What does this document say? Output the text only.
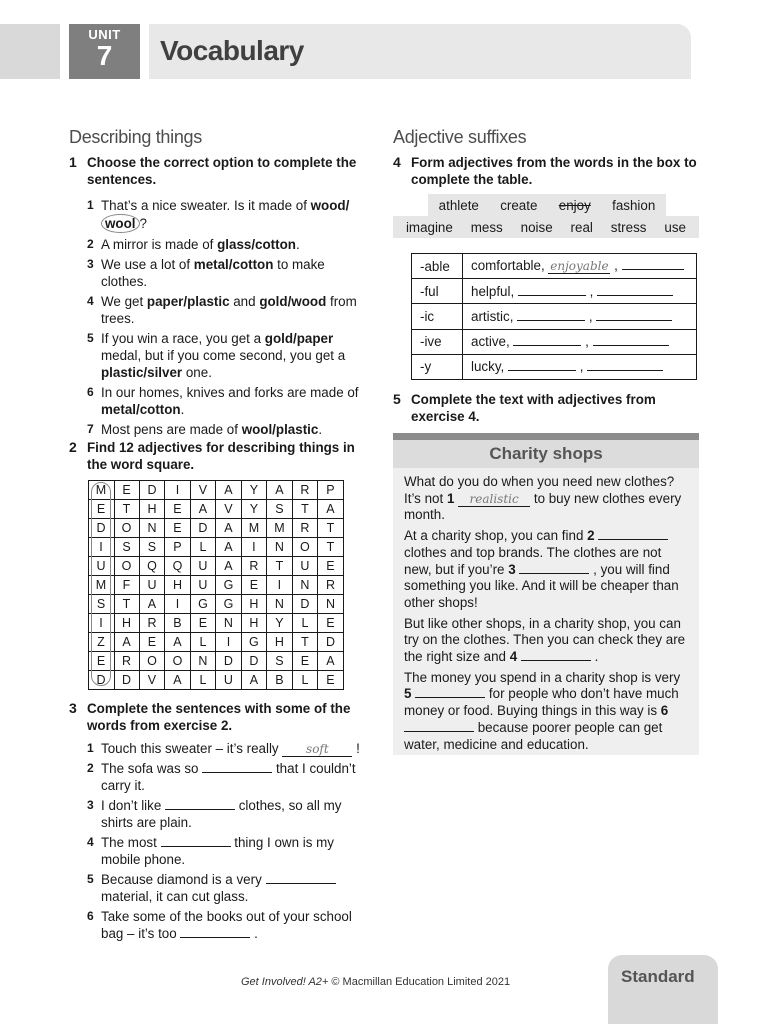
UNIT
7	Vocabulary
Describing things
1 Choose the correct option to complete the sentences.
1 That’s a nice sweater. Is it made of wood/wool ?
2 A mirror is made of glass/cotton.
3 We use a lot of metal/cotton to make clothes.
4 We get paper/plastic and gold/wood from trees.
5 If you win a race, you get a gold/paper medal, but if you come second, you get a plastic/silver one.
6 In our homes, knives and forks are made of metal/cotton.
7 Most pens are made of wool/plastic.
2 Find 12 adjectives for describing things in the word square.
M	E	D	I	V	A	Y	A	R	P
E	T	H	E	A	V	Y	S	T	A
D	O	N	E	D	A	M	M	R	T
I	S	S	P	L	A	I	N	O	T
U	O	Q	Q	U	A	R	T	U	E
M	F	U	H	U	G	E	I	N	R
S	T	A	I	G	G	H	N	D	N
I	H	R	B	E	N	H	Y	L	E
Z	A	E	A	L	I	G	H	T	D
E	R	O	O	N	D	D	S	E	A
D	D	V	A	L	U	A	B	L	E
3 Complete the sentences with some of the words from exercise 2.
1 Touch this sweater – it’s really soft !
2 The sofa was so	that I couldn’t carry it.
3 I don’t like	clothes, so all my shirts are plain.
4 The most	thing I own is my mobile phone.
5 Because diamond is a very  material, it can cut glass.
6 Take some of the books out of your school bag – it’s too	.
Adjective suffixes
4 Form adjectives from the words in the box to complete the table.
athlete create enjoy fashion
imagine mess noise real stress use
-able	comfortable, enjoyable ,
-ful	helpful, ,
-ic	artistic, ,
-ive	active, ,
-y	lucky, ,
5 Complete the text with adjectives from exercise 4.
Charity shops

What do you do when you need new clothes? It’s not 1 realistic to buy new clothes every month.

At a charity shop, you can find 2  clothes and top brands. The clothes are not new, but if you’re 3	, you will find something you like. And it will be cheaper than other shops!

But like other shops, in a charity shop, you can try on the clothes. Then you can check they are the right size and 4	.

The money you spend in a charity shop is very 5	for people who don’t have much money or food. Buying things in this way is 6  because poorer people can get water, medicine and education.

Get Involved! A2+ © Macmillan Education Limited 2021	Standard
